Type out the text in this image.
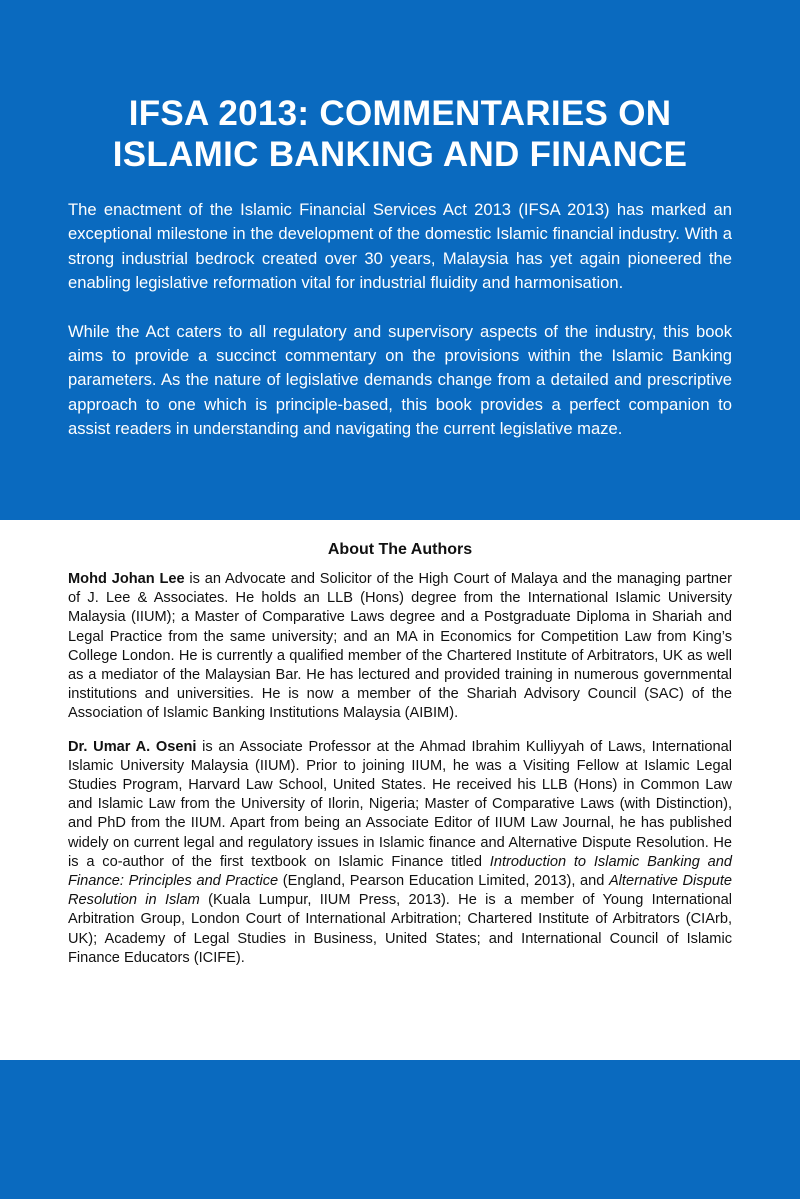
IFSA 2013: COMMENTARIES ON
ISLAMIC BANKING AND FINANCE

The enactment of the Islamic Financial Services Act 2013 (IFSA 2013) has marked an exceptional milestone in the development of the domestic Islamic financial industry. With a strong industrial bedrock created over 30 years, Malaysia has yet again pioneered the enabling legislative reformation vital for industrial fluidity and harmonisation.

While the Act caters to all regulatory and supervisory aspects of the industry, this book aims to provide a succinct commentary on the provisions within the Islamic Banking parameters. As the nature of legislative demands change from a detailed and prescriptive approach to one which is principle-based, this book provides a perfect companion to assist readers in understanding and navigating the current legislative maze.

About The Authors

Mohd Johan Lee is an Advocate and Solicitor of the High Court of Malaya and the managing partner of J. Lee & Associates. He holds an LLB (Hons) degree from the International Islamic University Malaysia (IIUM); a Master of Comparative Laws degree and a Postgraduate Diploma in Shariah and Legal Practice from the same university; and an MA in Economics for Competition Law from King’s College London. He is currently a qualified member of the Chartered Institute of Arbitrators, UK as well as a mediator of the Malaysian Bar. He has lectured and provided training in numerous governmental institutions and universities. He is now a member of the Shariah Advisory Council (SAC) of the Association of Islamic Banking Institutions Malaysia (AIBIM).

Dr. Umar A. Oseni is an Associate Professor at the Ahmad Ibrahim Kulliyyah of Laws, International Islamic University Malaysia (IIUM). Prior to joining IIUM, he was a Visiting Fellow at Islamic Legal Studies Program, Harvard Law School, United States. He received his LLB (Hons) in Common Law and Islamic Law from the University of Ilorin, Nigeria; Master of Comparative Laws (with Distinction), and PhD from the IIUM. Apart from being an Associate Editor of IIUM Law Journal, he has published widely on current legal and regulatory issues in Islamic finance and Alternative Dispute Resolution. He is a co-author of the first textbook on Islamic Finance titled Introduction to Islamic Banking and Finance: Principles and Practice (England, Pearson Education Limited, 2013), and Alternative Dispute Resolution in Islam (Kuala Lumpur, IIUM Press, 2013). He is a member of Young International Arbitration Group, London Court of International Arbitration; Chartered Institute of Arbitrators (CIArb, UK); Academy of Legal Studies in Business, United States; and International Council of Islamic Finance Educators (ICIFE).
